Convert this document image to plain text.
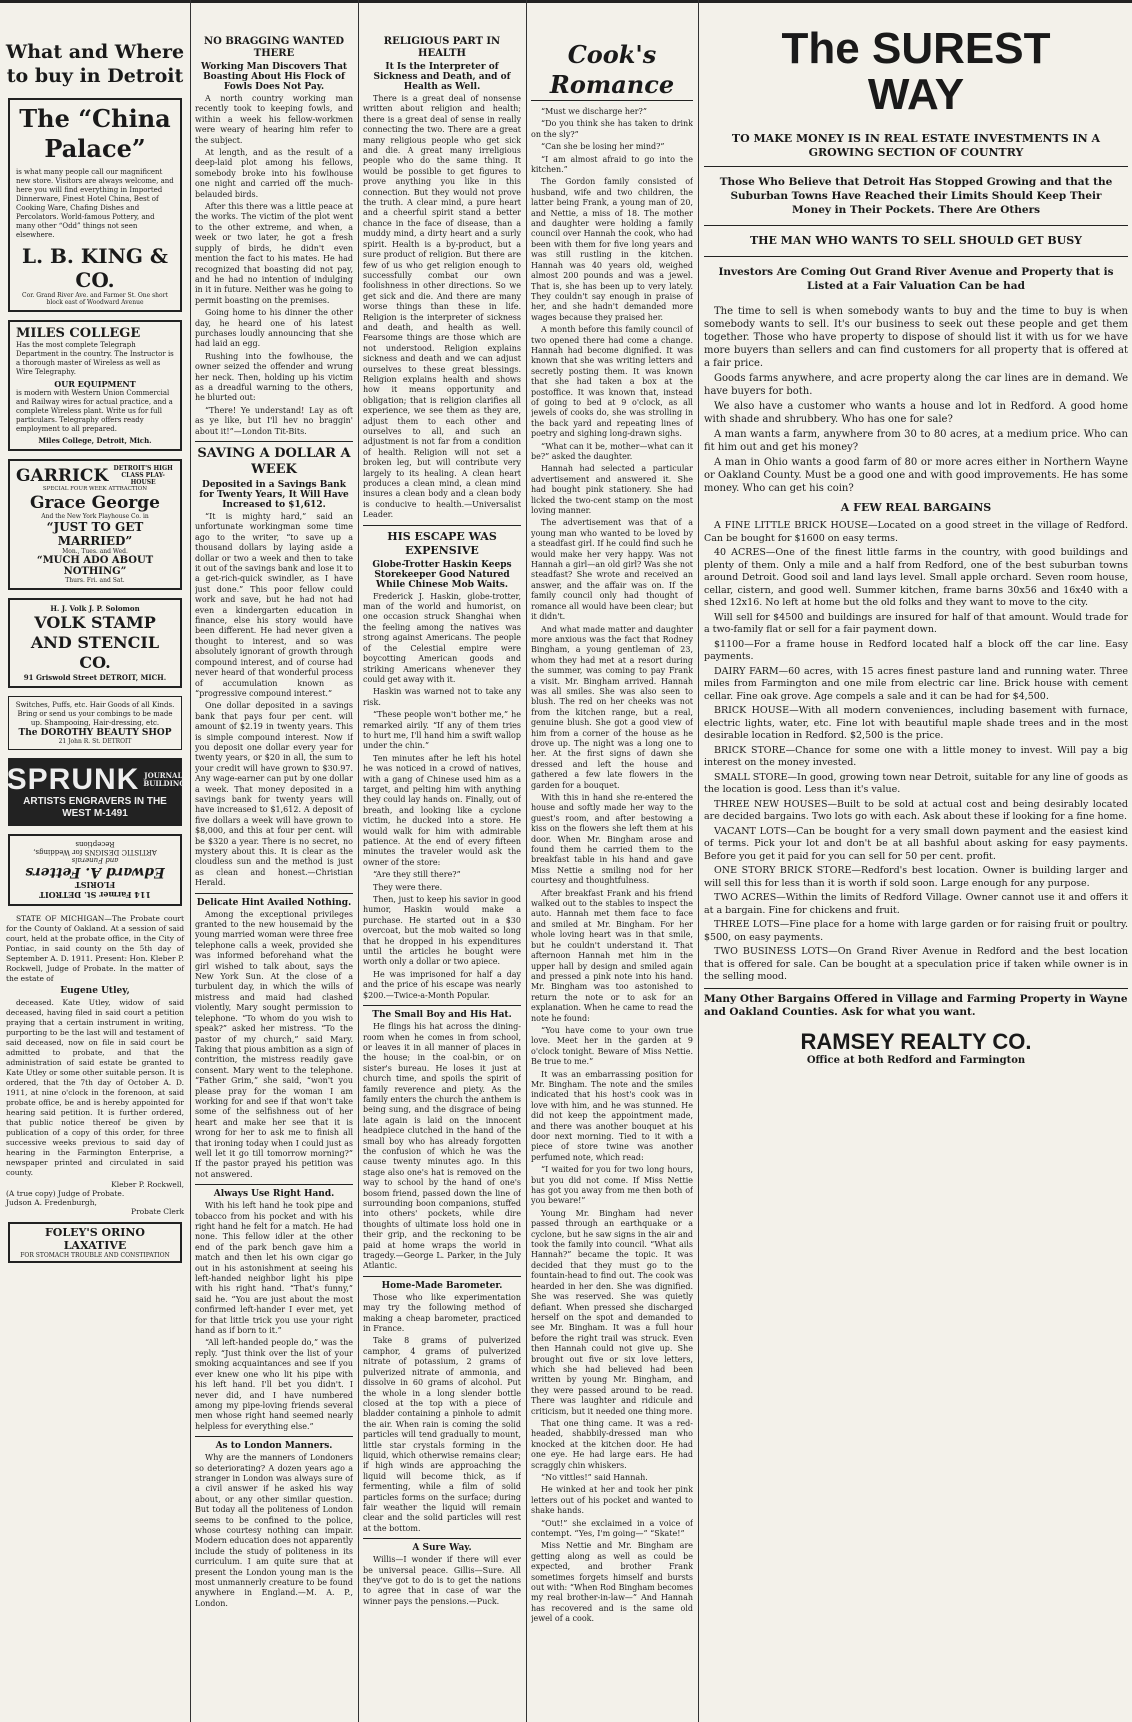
What and Where to buy in Detroit
The “China Palace”
is what many people call our magnificent new store. Visitors are always welcome, and here you will find everything in Imported Dinnerware, Finest Hotel China, Best of Cooking Ware, Chafing Dishes and Percolators. World-famous Pottery, and many other “Odd” things not seen elsewhere.
L. B. KING & CO.
Cor. Grand River Ave. and Farmer St. One short block east of Woodward Avenue
MILES COLLEGE
Has the most complete Telegraph Department in the country. The Instructor is a thorough master of Wireless as well as Wire Telegraphy.
OUR EQUIPMENT
is modern with Western Union Commercial and Railway wires for actual practice, and a complete Wireless plant. Write us for full particulars. Telegraphy offers ready employment to all prepared.
Miles College, Detroit, Mich.
GARRICK DETROIT'S HIGH CLASS PLAY-HOUSE
SPECIAL FOUR WEEK ATTRACTION
Grace George
And the New York Playhouse Co. in
“JUST TO GET MARRIED”
Mon., Tues. and Wed.
“MUCH ADO ABOUT NOTHING”
Thurs. Fri. and Sat.
H. J. Volk J. P. Solomon
VOLK STAMP AND STENCIL CO.
91 Griswold Street DETROIT, MICH.
Switches, Puffs, etc. Hair Goods of all Kinds. Bring or send us your combings to be made up. Shampooing, Hair-dressing, etc.
The DOROTHY BEAUTY SHOP
21 John R. St. DETROIT
SPRUNK JOURNAL BUILDING
ARTISTS ENGRAVERS IN THE WEST M-1491
114 Farmer St. DETROIT
FLORIST
Edward A. Fetters
and Funerals
ARTISTIC DESIGNS for Weddings, Receptions
STATE OF MICHIGAN—The Probate court for the County of Oakland. At a session of said court, held at the probate office, in the City of Pontiac, in said county on the 5th day of September A. D. 1911. Present: Hon. Kleber P. Rockwell, Judge of Probate. In the matter of the estate of
Eugene Utley,
deceased. Kate Utley, widow of said deceased, having filed in said court a petition praying that a certain instrument in writing, purporting to be the last will and testament of said deceased, now on file in said court be admitted to probate, and that the administration of said estate be granted to Kate Utley or some other suitable person. It is ordered, that the 7th day of October A. D. 1911, at nine o'clock in the forenoon, at said probate office, be and is hereby appointed for hearing said petition. It is further ordered, that public notice thereof be given by publication of a copy of this order, for three successive weeks previous to said day of hearing in the Farmington Enterprise, a newspaper printed and circulated in said county.
Kleber P. Rockwell,
(A true copy) Judge of Probate.
Judson A. Fredenburgh,
Probate Clerk
FOLEY'S ORINO LAXATIVE
FOR STOMACH TROUBLE AND CONSTIPATION
NO BRAGGING WANTED THERE
Working Man Discovers That Boasting About His Flock of Fowls Does Not Pay.
A north country working man recently took to keeping fowls, and within a week his fellow-workmen were weary of hearing him refer to the subject.
At length, and as the result of a deep-laid plot among his fellows, somebody broke into his fowlhouse one night and carried off the much-belauded birds.
After this there was a little peace at the works. The victim of the plot went to the other extreme, and when, a week or two later, he got a fresh supply of birds, he didn't even mention the fact to his mates. He had recognized that boasting did not pay, and he had no intention of indulging in it in future. Neither was he going to permit boasting on the premises.
Going home to his dinner the other day, he heard one of his latest purchases loudly announcing that she had laid an egg.
Rushing into the fowlhouse, the owner seized the offender and wrung her neck. Then, holding up his victim as a dreadful warning to the others, he blurted out:
“There! Ye understand! Lay as oft as ye like, but I'll hev no braggin' about it!”—London Tit-Bits.
SAVING A DOLLAR A WEEK
Deposited in a Savings Bank for Twenty Years, It Will Have Increased to $1,612.
“It is mighty hard,” said an unfortunate workingman some time ago to the writer, “to save up a thousand dollars by laying aside a dollar or two a week and then to take it out of the savings bank and lose it to a get-rich-quick swindler, as I have just done.” This poor fellow could work and save, but he had not had even a kindergarten education in finance, else his story would have been different. He had never given a thought to interest, and so was absolutely ignorant of growth through compound interest, and of course had never heard of that wonderful process of accumulation known as “progressive compound interest.”
One dollar deposited in a savings bank that pays four per cent. will amount of $2.19 in twenty years. This is simple compound interest. Now if you deposit one dollar every year for twenty years, or $20 in all, the sum to your credit will have grown to $30.97. Any wage-earner can put by one dollar a week. That money deposited in a savings bank for twenty years will have increased to $1,612. A deposit of five dollars a week will have grown to $8,000, and this at four per cent. will be $320 a year. There is no secret, no mystery about this. It is clear as the cloudless sun and the method is just as clean and honest.—Christian Herald.
Delicate Hint Availed Nothing.
Among the exceptional privileges granted to the new housemaid by the young married woman were three free telephone calls a week, provided she was informed beforehand what the girl wished to talk about, says the New York Sun. At the close of a turbulent day, in which the wills of mistress and maid had clashed violently, Mary sought permission to telephone. “To whom do you wish to speak?” asked her mistress. “To the pastor of my church,” said Mary. Taking that pious ambition as a sign of contrition, the mistress readily gave consent. Mary went to the telephone. “Father Grim,” she said, “won't you please pray for the woman I am working for and see if that won't take some of the selfishness out of her heart and make her see that it is wrong for her to ask me to finish all that ironing today when I could just as well let it go till tomorrow morning?” If the pastor prayed his petition was not answered.
Always Use Right Hand.
With his left hand he took pipe and tobacco from his pocket and with his right hand he felt for a match. He had none. This fellow idler at the other end of the park bench gave him a match and then let his own cigar go out in his astonishment at seeing his left-handed neighbor light his pipe with his right hand. “That's funny,” said he. “You are just about the most confirmed left-hander I ever met, yet for that little trick you use your right hand as if born to it.”
“All left-handed people do,” was the reply. “Just think over the list of your smoking acquaintances and see if you ever knew one who lit his pipe with his left hand. I'll bet you didn't. I never did, and I have numbered among my pipe-loving friends several men whose right hand seemed nearly helpless for everything else.”
As to London Manners.
Why are the manners of Londoners so deteriorating? A dozen years ago a stranger in London was always sure of a civil answer if he asked his way about, or any other similar question. But today all the politeness of London seems to be confined to the police, whose courtesy nothing can impair. Modern education does not apparently include the study of politeness in its curriculum. I am quite sure that at present the London young man is the most unmannerly creature to be found anywhere in England.—M. A. P., London.
RELIGIOUS PART IN HEALTH
It Is the Interpreter of Sickness and Death, and of Health as Well.
There is a great deal of nonsense written about religion and health; there is a great deal of sense in really connecting the two. There are a great many religious people who get sick and die. A great many irreligious people who do the same thing. It would be possible to get figures to prove anything you like in this connection. But they would not prove the truth. A clear mind, a pure heart and a cheerful spirit stand a better chance in the face of disease, than a muddy mind, a dirty heart and a surly spirit. Health is a by-product, but a sure product of religion. But there are few of us who get religion enough to successfully combat our own foolishness in other directions. So we get sick and die. And there are many worse things than these in life. Religion is the interpreter of sickness and death, and health as well. Fearsome things are those which are not understood. Religion explains sickness and death and we can adjust ourselves to these great blessings. Religion explains health and shows how it means opportunity and obligation; that is religion clarifies all experience, we see them as they are, adjust them to each other and ourselves to all, and such an adjustment is not far from a condition of health. Religion will not set a broken leg, but will contribute very largely to its healing. A clean heart produces a clean mind, a clean mind insures a clean body and a clean body is conducive to health.—Universalist Leader.
HIS ESCAPE WAS EXPENSIVE
Globe-Trotter Haskin Keeps Storekeeper Good Natured While Chinese Mob Waits.
Frederick J. Haskin, globe-trotter, man of the world and humorist, on one occasion struck Shanghai when the feeling among the natives was strong against Americans. The people of the Celestial empire were boycotting American goods and striking Americans whenever they could get away with it.
Haskin was warned not to take any risk.
“These people won't bother me,” he remarked airily. “If any of them tries to hurt me, I'll hand him a swift wallop under the chin.”
Ten minutes after he left his hotel he was noticed in a crowd of natives, with a gang of Chinese used him as a target, and pelting him with anything they could lay hands on. Finally, out of breath, and looking like a cyclone victim, he ducked into a store. He would walk for him with admirable patience. At the end of every fifteen minutes the traveler would ask the owner of the store:
“Are they still there?”
They were there.
Then, just to keep his savior in good humor, Haskin would make a purchase. He started out in a $30 overcoat, but the mob waited so long that he dropped in his expenditures until the articles he bought were worth only a dollar or two apiece.
He was imprisoned for half a day and the price of his escape was nearly $200.—Twice-a-Month Popular.
The Small Boy and His Hat.
He flings his hat across the dining-room when he comes in from school, or leaves it in all manner of places in the house; in the coal-bin, or on sister's bureau. He loses it just at church time, and spoils the spirit of family reverence and piety. As the family enters the church the anthem is being sung, and the disgrace of being late again is laid on the innocent headpiece clutched in the hand of the small boy who has already forgotten the confusion of which he was the cause twenty minutes ago. In this stage also one's hat is removed on the way to school by the hand of one's bosom friend, passed down the line of surrounding boon companions, stuffed into others' pockets, while dire thoughts of ultimate loss hold one in their grip, and the reckoning to be paid at home wraps the world in tragedy.—George L. Parker, in the July Atlantic.
Home-Made Barometer.
Those who like experimentation may try the following method of making a cheap barometer, practiced in France.
Take 8 grams of pulverized camphor, 4 grams of pulverized nitrate of potassium, 2 grams of pulverized nitrate of ammonia, and dissolve in 60 grams of alcohol. Put the whole in a long slender bottle closed at the top with a piece of bladder containing a pinhole to admit the air. When rain is coming the solid particles will tend gradually to mount, little star crystals forming in the liquid, which otherwise remains clear; if high winds are approaching the liquid will become thick, as if fermenting, while a film of solid particles forms on the surface; during fair weather the liquid will remain clear and the solid particles will rest at the bottom.
A Sure Way.
Willis—I wonder if there will ever be universal peace. Gillis—Sure. All they've got to do is to get the nations to agree that in case of war the winner pays the pensions.—Puck.
Cook's Romance
“Must we discharge her?”
“Do you think she has taken to drink on the sly?”
“Can she be losing her mind?”
“I am almost afraid to go into the kitchen.”
The Gordon family consisted of husband, wife and two children, the latter being Frank, a young man of 20, and Nettie, a miss of 18. The mother and daughter were holding a family council over Hannah the cook, who had been with them for five long years and was still rustling in the kitchen. Hannah was 40 years old, weighed almost 200 pounds and was a jewel. That is, she has been up to very lately. They couldn't say enough in praise of her, and she hadn't demanded more wages because they praised her.
A month before this family council of two opened there had come a change. Hannah had become dignified. It was known that she was writing letters and secretly posting them. It was known that she had taken a box at the postoffice. It was known that, instead of going to bed at 9 o'clock, as all jewels of cooks do, she was strolling in the back yard and repeating lines of poetry and sighing long-drawn sighs.
“What can it be, mother—what can it be?” asked the daughter.
Hannah had selected a particular advertisement and answered it. She had bought pink stationery. She had licked the two-cent stamp on the most loving manner.
The advertisement was that of a young man who wanted to be loved by a steadfast girl. If he could find such he would make her very happy. Was not Hannah a girl—an old girl? Was she not steadfast? She wrote and received an answer, and the affair was on. If the family council only had thought of romance all would have been clear; but it didn't.
And what made matter and daughter more anxious was the fact that Rodney Bingham, a young gentleman of 23, whom they had met at a resort during the summer, was coming to pay Frank a visit. Mr. Bingham arrived. Hannah was all smiles. She was also seen to blush. The red on her cheeks was not from the kitchen range, but a real, genuine blush. She got a good view of him from a corner of the house as he drove up. The night was a long one to her. At the first signs of dawn she dressed and left the house and gathered a few late flowers in the garden for a bouquet.
With this in hand she re-entered the house and softly made her way to the guest's room, and after bestowing a kiss on the flowers she left them at his door. When Mr. Bingham arose and found them he carried them to the breakfast table in his hand and gave Miss Nettie a smiling nod for her courtesy and thoughtfulness.
After breakfast Frank and his friend walked out to the stables to inspect the auto. Hannah met them face to face and smiled at Mr. Bingham. For her whole loving heart was in that smile, but he couldn't understand it. That afternoon Hannah met him in the upper hall by design and smiled again and pressed a pink note into his hand. Mr. Bingham was too astonished to return the note or to ask for an explanation. When he came to read the note he found:
“You have come to your own true love. Meet her in the garden at 9 o'clock tonight. Beware of Miss Nettie. Be true to me.”
It was an embarrassing position for Mr. Bingham. The note and the smiles indicated that his host's cook was in love with him, and he was stunned. He did not keep the appointment made, and there was another bouquet at his door next morning. Tied to it with a piece of store twine was another perfumed note, which read:
“I waited for you for two long hours, but you did not come. If Miss Nettie has got you away from me then both of you beware!”
Young Mr. Bingham had never passed through an earthquake or a cyclone, but he saw signs in the air and took the family into council. “What ails Hannah?” became the topic. It was decided that they must go to the fountain-head to find out. The cook was hearded in her den. She was dignified. She was reserved. She was quietly defiant. When pressed she discharged herself on the spot and demanded to see Mr. Bingham. It was a full hour before the right trail was struck. Even then Hannah could not give up. She brought out five or six love letters, which she had believed had been written by young Mr. Bingham, and they were passed around to be read. There was laughter and ridicule and criticism, but it needed one thing more.
That one thing came. It was a red-headed, shabbily-dressed man who knocked at the kitchen door. He had one eye. He had large ears. He had scraggly chin whiskers.
“No vittles!” said Hannah.
He winked at her and took her pink letters out of his pocket and wanted to shake hands.
“Out!” she exclaimed in a voice of contempt. “Yes, I'm going—” “Skate!”
Miss Nettie and Mr. Bingham are getting along as well as could be expected, and brother Frank sometimes forgets himself and bursts out with: “When Rod Bingham becomes my real brother-in-law—” And Hannah has recovered and is the same old jewel of a cook.
The SUREST
WAY
TO MAKE MONEY IS IN REAL ESTATE INVESTMENTS IN A GROWING SECTION OF COUNTRY
Those Who Believe that Detroit Has Stopped Growing and that the Suburban Towns Have Reached their Limits Should Keep Their Money in Their Pockets. There Are Others
THE MAN WHO WANTS TO SELL SHOULD GET BUSY
Investors Are Coming Out Grand River Avenue and Property that is Listed at a Fair Valuation Can be had
The time to sell is when somebody wants to buy and the time to buy is when somebody wants to sell. It's our business to seek out these people and get them together. Those who have property to dispose of should list it with us for we have more buyers than sellers and can find customers for all property that is offered at a fair price.
Goods farms anywhere, and acre property along the car lines are in demand. We have buyers for both.
We also have a customer who wants a house and lot in Redford. A good home with shade and shrubbery. Who has one for sale?
A man wants a farm, anywhere from 30 to 80 acres, at a medium price. Who can fit him out and get his money?
A man in Ohio wants a good farm of 80 or more acres either in Northern Wayne or Oakland County. Must be a good one and with good improvements. He has some money. Who can get his coin?
A FEW REAL BARGAINS
A FINE LITTLE BRICK HOUSE—Located on a good street in the village of Redford. Can be bought for $1600 on easy terms.
40 ACRES—One of the finest little farms in the country, with good buildings and plenty of them. Only a mile and a half from Redford, one of the best suburban towns around Detroit. Good soil and land lays level. Small apple orchard. Seven room house, cellar, cistern, and good well. Summer kitchen, frame barns 30x56 and 16x40 with a shed 12x16. No left at home but the old folks and they want to move to the city.
Will sell for $4500 and buildings are insured for half of that amount. Would trade for a two-family flat or sell for a fair payment down.
$1100—For a frame house in Redford located half a block off the car line. Easy payments.
DAIRY FARM—60 acres, with 15 acres finest pasture land and running water. Three miles from Farmington and one mile from electric car line. Brick house with cement cellar. Fine oak grove. Age compels a sale and it can be had for $4,500.
BRICK HOUSE—With all modern conveniences, including basement with furnace, electric lights, water, etc. Fine lot with beautiful maple shade trees and in the most desirable location in Redford. $2,500 is the price.
BRICK STORE—Chance for some one with a little money to invest. Will pay a big interest on the money invested.
SMALL STORE—In good, growing town near Detroit, suitable for any line of goods as the location is good. Less than it's value.
THREE NEW HOUSES—Built to be sold at actual cost and being desirably located are decided bargains. Two lots go with each. Ask about these if looking for a fine home.
VACANT LOTS—Can be bought for a very small down payment and the easiest kind of terms. Pick your lot and don't be at all bashful about asking for easy payments. Before you get it paid for you can sell for 50 per cent. profit.
ONE STORY BRICK STORE—Redford's best location. Owner is building larger and will sell this for less than it is worth if sold soon. Large enough for any purpose.
TWO ACRES—Within the limits of Redford Village. Owner cannot use it and offers it at a bargain. Fine for chickens and fruit.
THREE LOTS—Fine place for a home with large garden or for raising fruit or poultry. $500, on easy payments.
TWO BUSINESS LOTS—On Grand River Avenue in Redford and the best location that is offered for sale. Can be bought at a speculation price if taken while owner is in the selling mood.
Many Other Bargains Offered in Village and Farming Property in Wayne and Oakland Counties. Ask for what you want.
RAMSEY REALTY CO.
Office at both Redford and Farmington
